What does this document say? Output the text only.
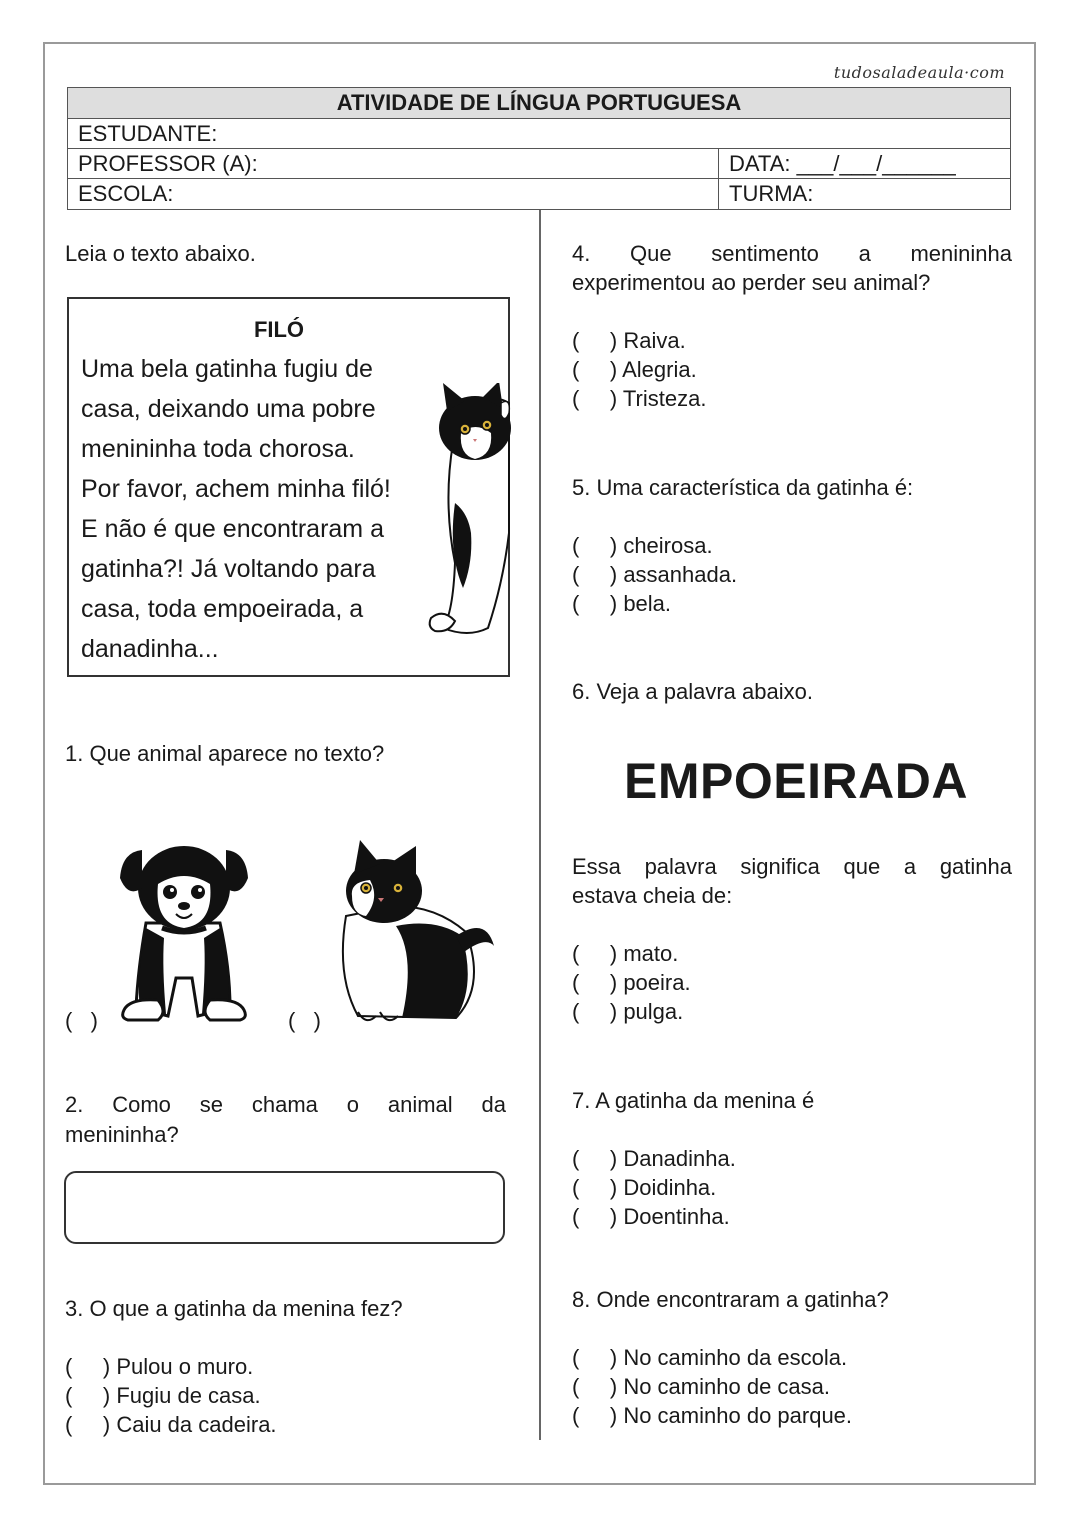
tudosaladeaula·com
ATIVIDADE DE LÍNGUA PORTUGUESA
ESTUDANTE:
PROFESSOR (A):	DATA: ___/___/______
ESCOLA:	TURMA:
Leia o texto abaixo.
FILÓ
Uma bela gatinha fugiu de
casa, deixando uma pobre
menininha toda chorosa.
Por favor, achem minha filó!
E não é que encontraram a
gatinha?! Já voltando para
casa, toda empoeirada, a
danadinha...
1. Que animal aparece no texto?
(   )	(   )
2. Como se chama o animal da
menininha?
3. O que a gatinha da menina fez?
(     ) Pulou o muro.
(     ) Fugiu de casa.
(     ) Caiu da cadeira.
4. Que sentimento a menininha
experimentou ao perder seu animal?
(     ) Raiva.
(     ) Alegria.
(     ) Tristeza.
5. Uma característica da gatinha é:
(     ) cheirosa.
(     ) assanhada.
(     ) bela.
6. Veja a palavra abaixo.
EMPOEIRADA
Essa palavra significa que a gatinha
estava cheia de:
(     ) mato.
(     ) poeira.
(     ) pulga.
7. A gatinha da menina é
(     ) Danadinha.
(     ) Doidinha.
(     ) Doentinha.
8. Onde encontraram a gatinha?
(     ) No caminho da escola.
(     ) No caminho de casa.
(     ) No caminho do parque.
